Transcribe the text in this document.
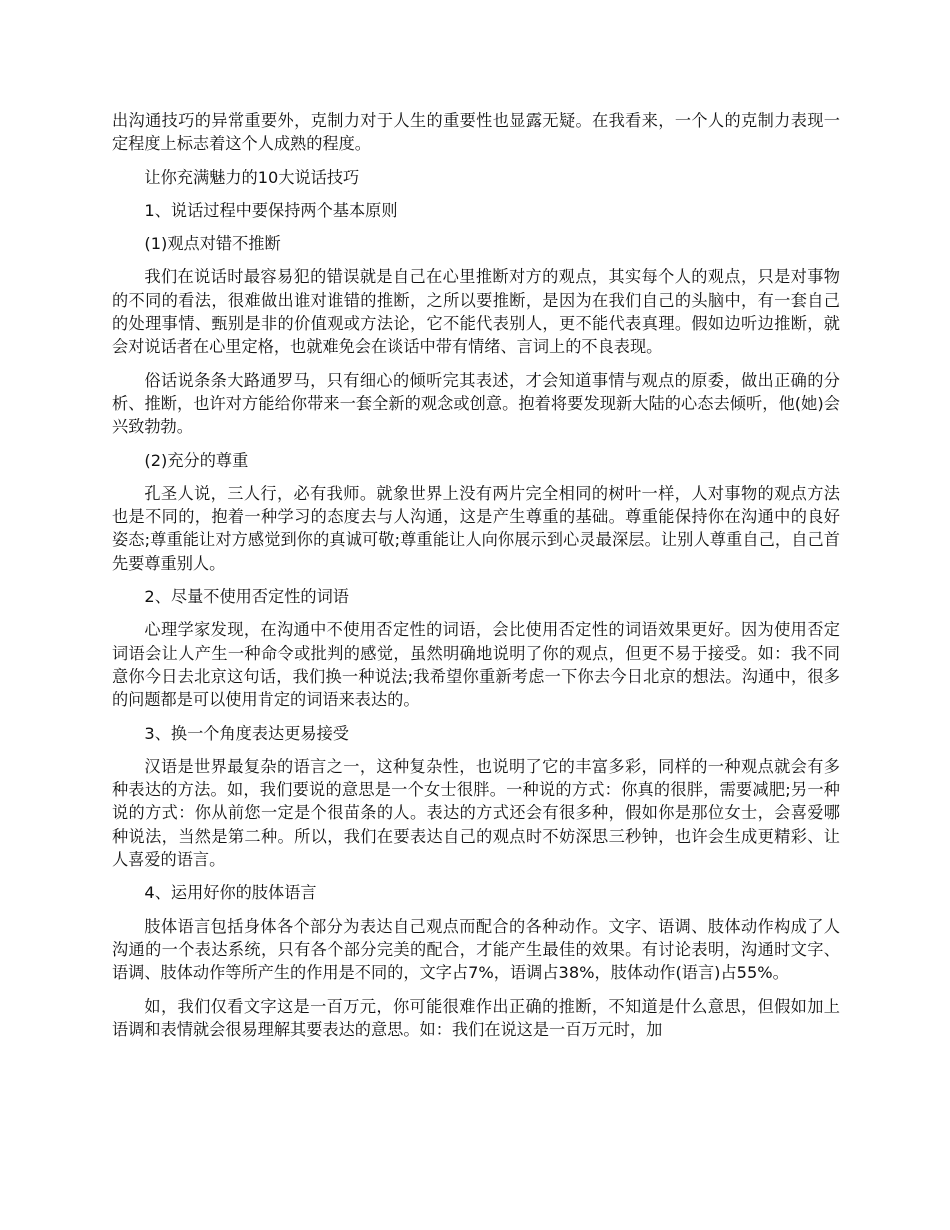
出沟通技巧的异常重要外，克制力对于人生的重要性也显露无疑。在我看来，一个人的克制力表现一定程度上标志着这个人成熟的程度。

让你充满魅力的10大说话技巧

1、说话过程中要保持两个基本原则

(1)观点对错不推断

我们在说话时最容易犯的错误就是自己在心里推断对方的观点，其实每个人的观点，只是对事物的不同的看法，很难做出谁对谁错的推断，之所以要推断，是因为在我们自己的头脑中，有一套自己的处理事情、甄别是非的价值观或方法论，它不能代表别人，更不能代表真理。假如边听边推断，就会对说话者在心里定格，也就难免会在谈话中带有情绪、言词上的不良表现。

俗话说条条大路通罗马，只有细心的倾听完其表述，才会知道事情与观点的原委，做出正确的分析、推断，也许对方能给你带来一套全新的观念或创意。抱着将要发现新大陆的心态去倾听，他(她)会兴致勃勃。

(2)充分的尊重

孔圣人说，三人行，必有我师。就象世界上没有两片完全相同的树叶一样，人对事物的观点方法也是不同的，抱着一种学习的态度去与人沟通，这是产生尊重的基础。尊重能保持你在沟通中的良好姿态;尊重能让对方感觉到你的真诚可敬;尊重能让人向你展示到心灵最深层。让别人尊重自己，自己首先要尊重别人。

2、尽量不使用否定性的词语

心理学家发现，在沟通中不使用否定性的词语，会比使用否定性的词语效果更好。因为使用否定词语会让人产生一种命令或批判的感觉，虽然明确地说明了你的观点，但更不易于接受。如：我不同意你今日去北京这句话，我们换一种说法;我希望你重新考虑一下你去今日北京的想法。沟通中，很多的问题都是可以使用肯定的词语来表达的。

3、换一个角度表达更易接受

汉语是世界最复杂的语言之一，这种复杂性，也说明了它的丰富多彩，同样的一种观点就会有多种表达的方法。如，我们要说的意思是一个女士很胖。一种说的方式：你真的很胖，需要减肥;另一种说的方式：你从前您一定是个很苗条的人。表达的方式还会有很多种，假如你是那位女士，会喜爱哪种说法，当然是第二种。所以，我们在要表达自己的观点时不妨深思三秒钟，也许会生成更精彩、让人喜爱的语言。

4、运用好你的肢体语言

肢体语言包括身体各个部分为表达自己观点而配合的各种动作。文字、语调、肢体动作构成了人沟通的一个表达系统，只有各个部分完美的配合，才能产生最佳的效果。有讨论表明，沟通时文字、语调、肢体动作等所产生的作用是不同的，文字占7%，语调占38%，肢体动作(语言)占55%。

如，我们仅看文字这是一百万元，你可能很难作出正确的推断，不知道是什么意思，但假如加上语调和表情就会很易理解其要表达的意思。如：我们在说这是一百万元时，加
